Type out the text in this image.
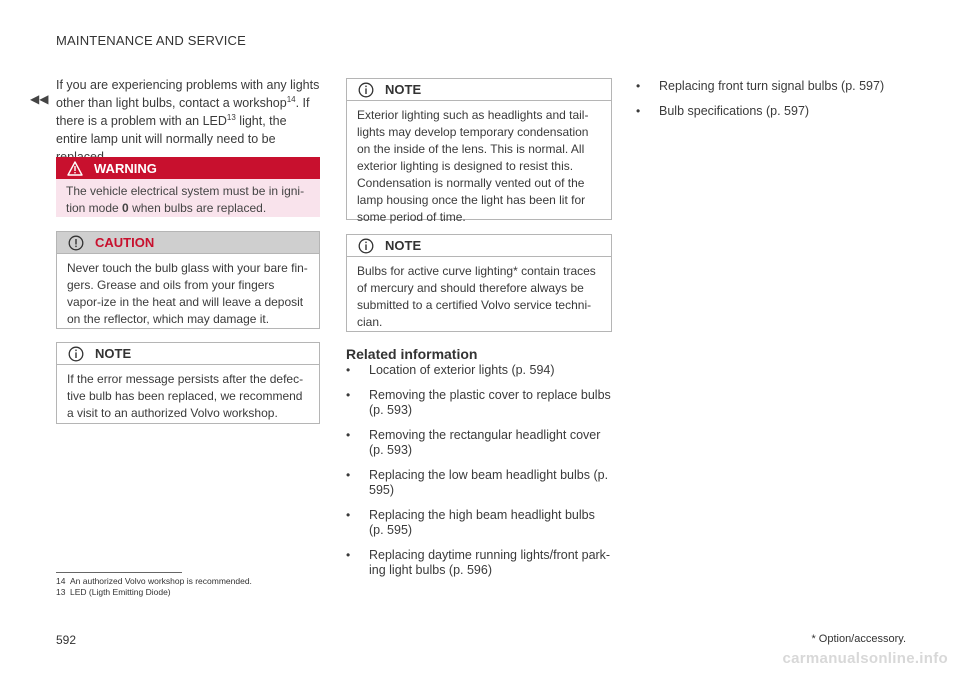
MAINTENANCE AND SERVICE
◀◀
If you are experiencing problems with any lights other than light bulbs, contact a workshop$^{14}$. If there is a problem with an LED$^{13}$ light, the entire lamp unit will normally need to be
WARNING
The vehicle electrical system must be in igni-tion mode 0 when bulbs are replaced.
CAUTION
Never touch the bulb glass with your bare fin-gers. Grease and oils from your fingers vapor-ize in the heat and will leave a deposit on the reflector, which may damage it.
NOTE
If the error message persists after the defec-tive bulb has been replaced, we recommend a visit to an authorized Volvo workshop.
NOTE
Exterior lighting such as headlights and tail-lights may develop temporary condensation on the inside of the lens. This is normal. All exterior lighting is designed to resist this. Condensation is normally vented out of the lamp housing once the light has been lit for some period of time.
NOTE
Bulbs for active curve lighting* contain traces of mercury and should therefore always be submitted to a certified Volvo service techni-cian.
Related information
• Location of exterior lights (p. 594)
• Removing the plastic cover to replace bulbs (p. 593)
• Removing the rectangular headlight cover (p. 593)
• Replacing the low beam headlight bulbs (p. 595)
• Replacing the high beam headlight bulbs (p. 595)
• Replacing daytime running lights/front park-ing light bulbs (p. 596)
• Replacing front turn signal bulbs (p. 597)
• Bulb specifications (p. 597)
14 An authorized Volvo workshop is recommended.
13 LED (Ligth Emitting Diode)
592	* Option/accessory.
carmanualsonline.info
